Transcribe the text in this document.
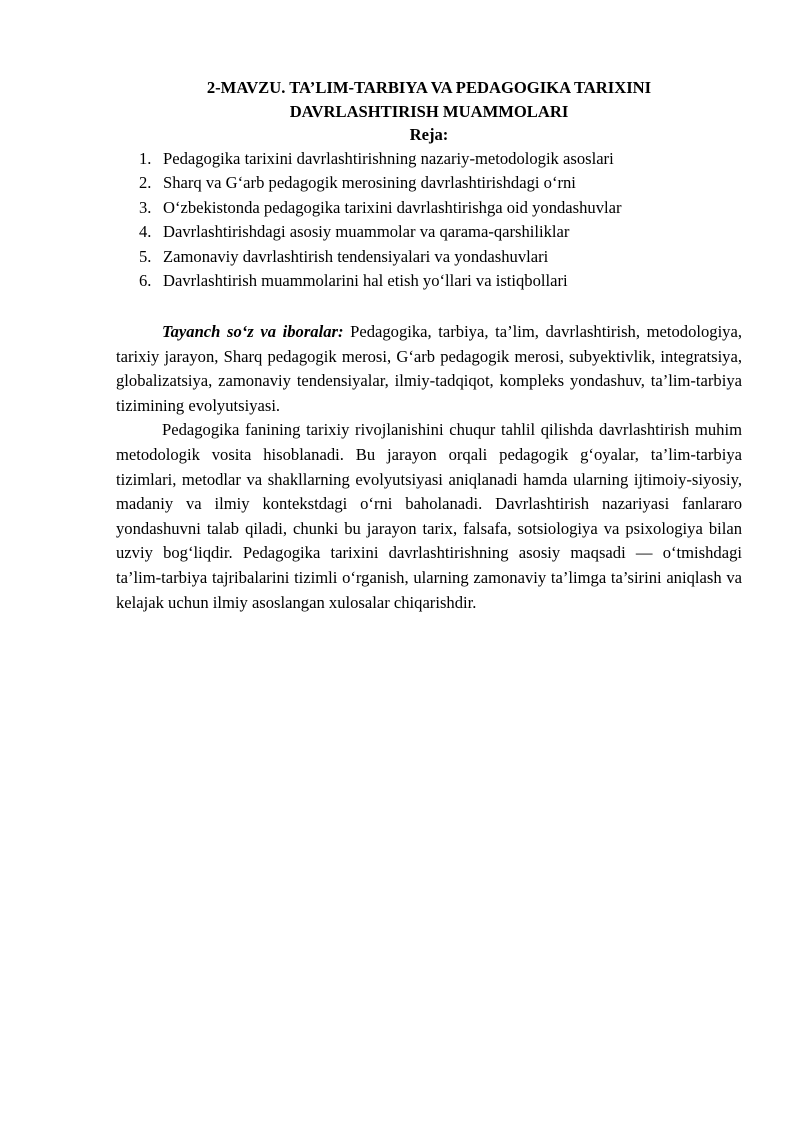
2-MAVZU. TA’LIM-TARBIYA VA PEDAGOGIKA TARIXINI
DAVRLASHTIRISH MUAMMOLARI

Reja:

1. Pedagogika tarixini davrlashtirishning nazariy-metodologik asoslari
2. Sharq va G‘arb pedagogik merosining davrlashtirishdagi o‘rni
3. O‘zbekistonda pedagogika tarixini davrlashtirishga oid yondashuvlar
4. Davrlashtirishdagi asosiy muammolar va qarama-qarshiliklar
5. Zamonaviy davrlashtirish tendensiyalari va yondashuvlari
6. Davrlashtirish muammolarini hal etish yo‘llari va istiqbollari

Tayanch so‘z va iboralar: Pedagogika, tarbiya, ta’lim, davrlashtirish, metodologiya, tarixiy jarayon, Sharq pedagogik merosi, G‘arb pedagogik merosi, subyektivlik, integratsiya, globalizatsiya, zamonaviy tendensiyalar, ilmiy-tadqiqot, kompleks yondashuv, ta’lim-tarbiya tizimining evolyutsiyasi.

Pedagogika fanining tarixiy rivojlanishini chuqur tahlil qilishda davrlashtirish muhim metodologik vosita hisoblanadi. Bu jarayon orqali pedagogik g‘oyalar, ta’lim-tarbiya tizimlari, metodlar va shakllarning evolyutsiyasi aniqlanadi hamda ularning ijtimoiy-siyosiy, madaniy va ilmiy kontekstdagi o‘rni baholanadi. Davrlashtirish nazariyasi fanlararo yondashuvni talab qiladi, chunki bu jarayon tarix, falsafa, sotsiologiya va psixologiya bilan uzviy bog‘liqdir. Pedagogika tarixini davrlashtirishning asosiy maqsadi — o‘tmishdagi ta’lim-tarbiya tajribalarini tizimli o‘rganish, ularning zamonaviy ta’limga ta’sirini aniqlash va kelajak uchun ilmiy asoslangan xulosalar chiqarishdir.
